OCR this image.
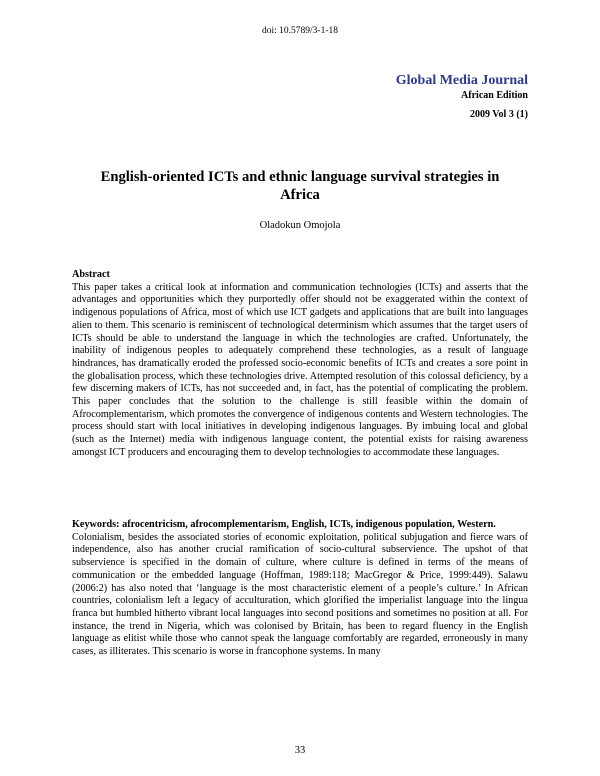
doi: 10.5789/3-1-18
Global Media Journal
African Edition
2009 Vol 3 (1)
English-oriented ICTs and ethnic language survival strategies in Africa
Oladokun Omojola
Abstract
This paper takes a critical look at information and communication technologies (ICTs) and asserts that the advantages and opportunities which they purportedly offer should not be exaggerated within the context of indigenous populations of Africa, most of which use ICT gadgets and applications that are built into languages alien to them. This scenario is reminiscent of technological determinism which assumes that the target users of ICTs should be able to understand the language in which the technologies are crafted. Unfortunately, the inability of indigenous peoples to adequately comprehend these technologies, as a result of language hindrances, has dramatically eroded the professed socio-economic benefits of ICTs and creates a sore point in the globalisation process, which these technologies drive. Attempted resolution of this colossal deficiency, by a few discerning makers of ICTs, has not succeeded and, in fact, has the potential of complicating the problem. This paper concludes that the solution to the challenge is still feasible within the domain of Afrocomplementarism, which promotes the convergence of indigenous contents and Western technologies. The process should start with local initiatives in developing indigenous languages. By imbuing local and global (such as the Internet) media with indigenous language content, the potential exists for raising awareness amongst ICT producers and encouraging them to develop technologies to accommodate these languages.
Keywords: afrocentricism, afrocomplementarism, English, ICTs, indigenous population, Western.
Colonialism, besides the associated stories of economic exploitation, political subjugation and fierce wars of independence, also has another crucial ramification of socio-cultural subservience. The upshot of that subservience is specified in the domain of culture, where culture is defined in terms of the means of communication or the embedded language (Hoffman, 1989:118; MacGregor & Price, 1999:449). Salawu (2006:2) has also noted that ‘language is the most characteristic element of a people’s culture.’ In African countries, colonialism left a legacy of acculturation, which glorified the imperialist language into the lingua franca but humbled hitherto vibrant local languages into second positions and sometimes no position at all. For instance, the trend in Nigeria, which was colonised by Britain, has been to regard fluency in the English language as elitist while those who cannot speak the language comfortably are regarded, erroneously in many cases, as illiterates. This scenario is worse in francophone systems. In many
33
